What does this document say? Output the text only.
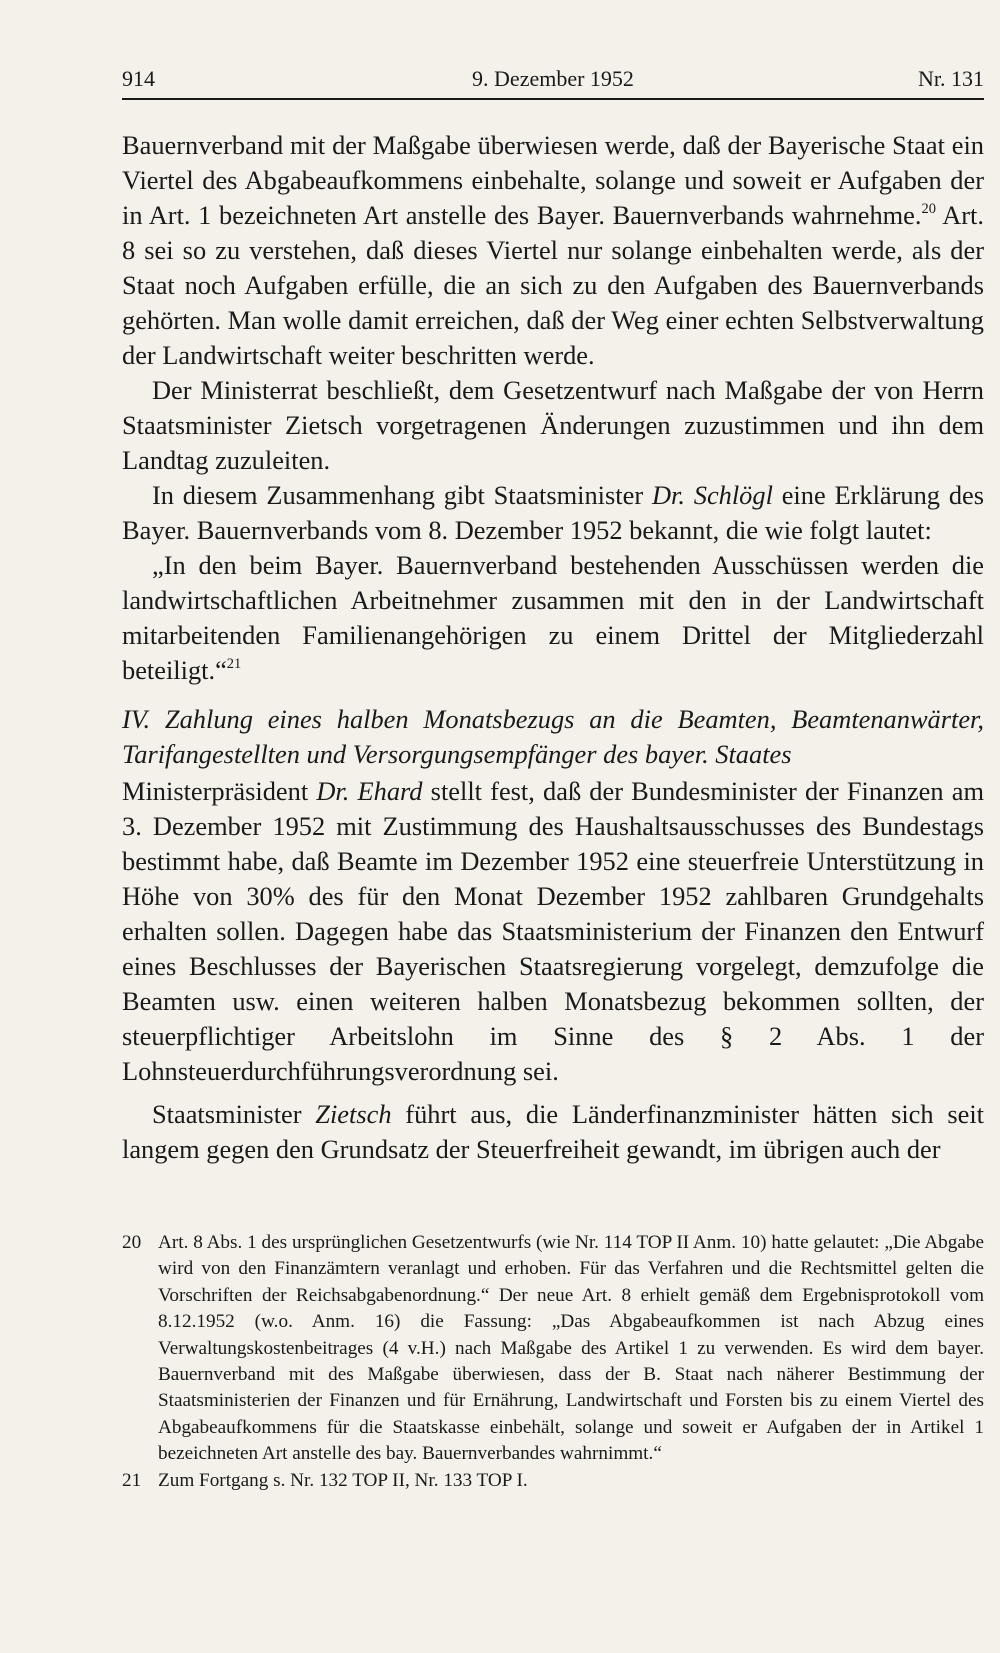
9. Dezember 1952
914	Nr. 131

Bauernverband mit der Maßgabe überwiesen werde, daß der Bayerische Staat ein Viertel des Abgabeaufkommens einbehalte, solange und soweit er Aufgaben der in Art. 1 bezeichneten Art anstelle des Bayer. Bauernverbands wahrnehme.$^{20}$ Art. 8 sei so zu verstehen, daß dieses Viertel nur solange einbehalten werde, als der Staat noch Aufgaben erfülle, die an sich zu den Aufgaben des Bauernverbands gehörten. Man wolle damit erreichen, daß der Weg einer echten Selbstverwaltung der Landwirtschaft weiter beschritten werde.

Der Ministerrat beschließt, dem Gesetzentwurf nach Maßgabe der von Herrn Staatsminister Zietsch vorgetragenen Änderungen zuzustimmen und ihn dem Landtag zuzuleiten.

In diesem Zusammenhang gibt Staatsminister Dr. Schlögl eine Erklärung des Bayer. Bauernverbands vom 8. Dezember 1952 bekannt, die wie folgt lautet:

„In den beim Bayer. Bauernverband bestehenden Ausschüssen werden die landwirtschaftlichen Arbeitnehmer zusammen mit den in der Landwirtschaft mitarbeitenden Familienangehörigen zu einem Drittel der Mitgliederzahl beteiligt.“$^{21}$

IV. Zahlung eines halben Monatsbezugs an die Beamten, Beamtenanwärter, Tarifangestellten und Versorgungsempfänger des bayer. Staates

Ministerpräsident Dr. Ehard stellt fest, daß der Bundesminister der Finanzen am 3. Dezember 1952 mit Zustimmung des Haushaltsausschusses des Bundestags bestimmt habe, daß Beamte im Dezember 1952 eine steuerfreie Unterstützung in Höhe von 30% des für den Monat Dezember 1952 zahlbaren Grundgehalts erhalten sollen. Dagegen habe das Staatsministerium der Finanzen den Entwurf eines Beschlusses der Bayerischen Staatsregierung vorgelegt, demzufolge die Beamten usw. einen weiteren halben Monatsbezug bekommen sollten, der steuerpflichtiger Arbeitslohn im Sinne des § 2 Abs. 1 der Lohnsteuerdurchführungsverordnung sei.

Staatsminister Zietsch führt aus, die Länderfinanzminister hätten sich seit langem gegen den Grundsatz der Steuerfreiheit gewandt, im übrigen auch der

20 Art. 8 Abs. 1 des ursprünglichen Gesetzentwurfs (wie Nr. 114 TOP II Anm. 10) hatte gelautet: „Die Abgabe wird von den Finanzämtern veranlagt und erhoben. Für das Verfahren und die Rechtsmittel gelten die Vorschriften der Reichsabgabenordnung.“ Der neue Art. 8 erhielt gemäß dem Ergebnisprotokoll vom 8.12.1952 (w.o. Anm. 16) die Fassung: „Das Abgabeaufkommen ist nach Abzug eines Verwaltungskostenbeitrages (4 v.H.) nach Maßgabe des Artikel 1 zu verwenden. Es wird dem bayer. Bauernverband mit des Maßgabe überwiesen, dass der B. Staat nach näherer Bestimmung der Staatsministerien der Finanzen und für Ernährung, Landwirtschaft und Forsten bis zu einem Viertel des Abgabeaufkommens für die Staatskasse einbehält, solange und soweit er Aufgaben der in Artikel 1 bezeichneten Art anstelle des bay. Bauernverbandes wahrnimmt.“

21 Zum Fortgang s. Nr. 132 TOP II, Nr. 133 TOP I.
